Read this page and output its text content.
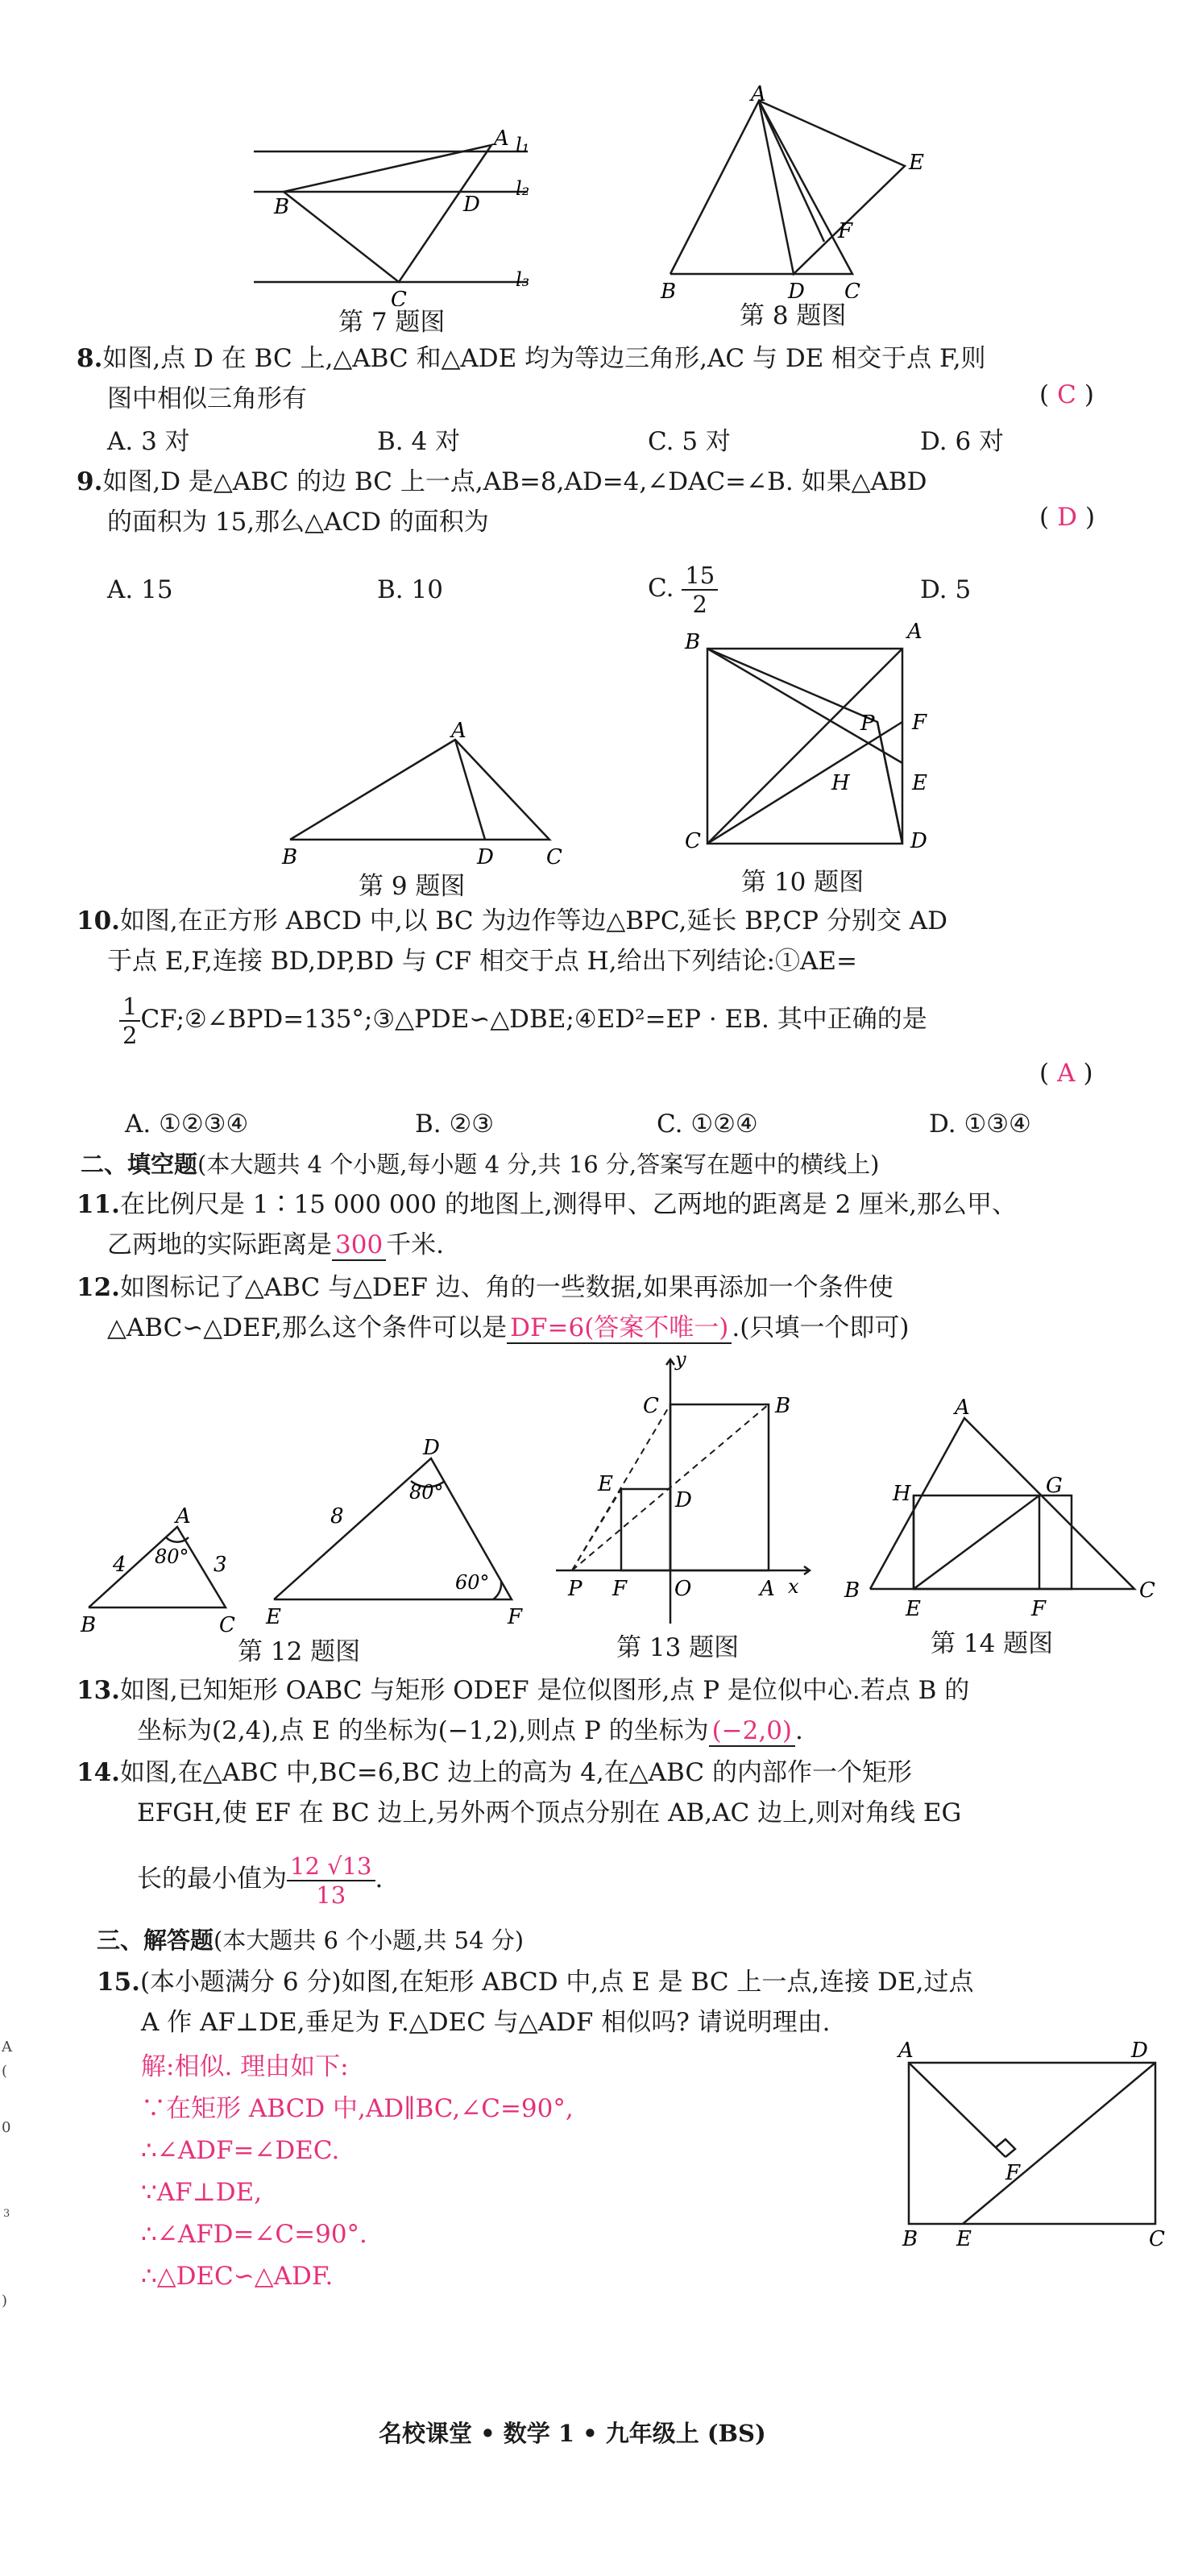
A l₁
B	D
l₂
C
l₃
第 7 题图
A
E
F
B	D C
第 8 题图
8.如图,点 D 在 BC 上,△ABC 和△ADE 均为等边三角形,AC 与 DE 相交于点 F,则
图中相似三角形有	( C )
A. 3 对	B. 4 对	C. 5 对	D. 6 对
9.如图,D 是△ABC 的边 BC 上一点,AB=8,AD=4,∠DAC=∠B. 如果△ABD
的面积为 15,那么△ACD 的面积为	( D )
A. 15	B. 10	C. $\frac{15}{2}$	D. 5
A
B	D	C
第 9 题图
B	A
P F
H	E
C	D
第 10 题图
10.如图,在正方形 ABCD 中,以 BC 为边作等边△BPC,延长 BP,CP 分别交 AD
于点 E,F,连接 BD,DP,BD 与 CF 相交于点 H,给出下列结论:①AE=
$\frac{1}{2}$ CF;②∠BPD=135°;③△PDE∽△DBE;④ED²=EP · EB. 其中正确的是
( A )
A. ①②③④	B. ②③	C. ①②④	D. ①③④
二、填空题(本大题共 4 个小题,每小题 4 分,共 16 分,答案写在题中的横线上)
11.在比例尺是 1∶15 000 000 的地图上,测得甲、乙两地的距离是 2 厘米,那么甲、
乙两地的实际距离是 300 千米.
12.如图标记了△ABC 与△DEF 边、角的一些数据,如果再添加一个条件使
△ABC∽△DEF,那么这个条件可以是 DF=6(答案不唯一) .(只填一个即可)
A
4	3
80°
B	C
D
8
80°
60°
E	F
第 12 题图
y
x
C	B
E
D
P F O	A
第 13 题图
A
H	G
B
E	F
C
第 14 题图
13.如图,已知矩形 OABC 与矩形 ODEF 是位似图形,点 P 是位似中心.若点 B 的
坐标为(2,4),点 E 的坐标为(−1,2),则点 P 的坐标为 (−2,0) .
14.如图,在△ABC 中,BC=6,BC 边上的高为 4,在△ABC 的内部作一个矩形
EFGH,使 EF 在 BC 边上,另外两个顶点分别在 AB,AC 边上,则对角线 EG
长的最小值为 $\frac{12 √13}{13}$ .
三、解答题(本大题共 6 个小题,共 54 分)
15.(本小题满分 6 分)如图,在矩形 ABCD 中,点 E 是 BC 上一点,连接 DE,过点
A 作 AF⊥DE,垂足为 F.△DEC 与△ADF 相似吗? 请说明理由.
解:相似. 理由如下:
∵在矩形 ABCD 中,AD∥BC,∠C=90°,
∴∠ADF=∠DEC.
∵AF⊥DE,
∴∠AFD=∠C=90°.
∴△DEC∽△ADF.
A	D
F
B E	C
名校课堂 • 数学 1 • 九年级上 (BS)
A
(
0
3
)
